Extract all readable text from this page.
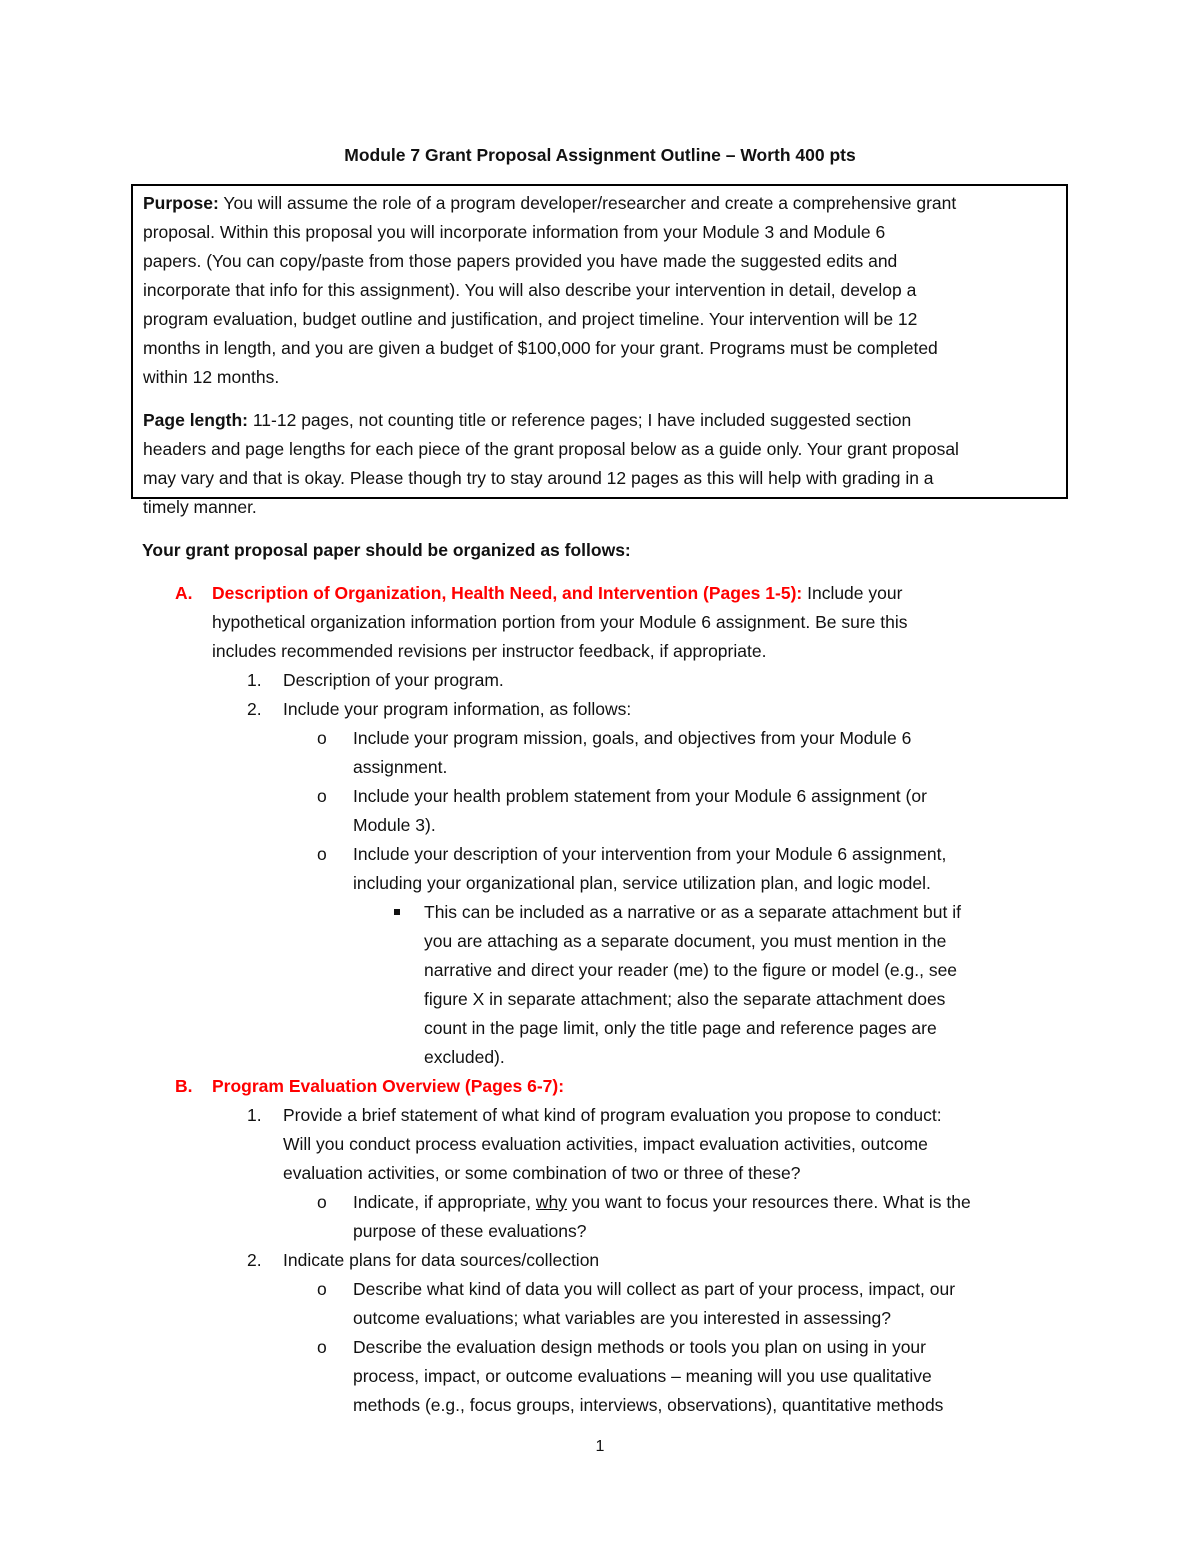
Module 7 Grant Proposal Assignment Outline – Worth 400 pts

Purpose: You will assume the role of a program developer/researcher and create a comprehensive grant
proposal. Within this proposal you will incorporate information from your Module 3 and Module 6
papers. (You can copy/paste from those papers provided you have made the suggested edits and
incorporate that info for this assignment). You will also describe your intervention in detail, develop a
program evaluation, budget outline and justification, and project timeline. Your intervention will be 12
months in length, and you are given a budget of $100,000 for your grant. Programs must be completed
within 12 months.

Page length: 11-12 pages, not counting title or reference pages; I have included suggested section
headers and page lengths for each piece of the grant proposal below as a guide only. Your grant proposal
may vary and that is okay. Please though try to stay around 12 pages as this will help with grading in a
timely manner.

Your grant proposal paper should be organized as follows:
A.	Description of Organization, Health Need, and Intervention (Pages 1-5): Include your
hypothetical organization information portion from your Module 6 assignment. Be sure this
includes recommended revisions per instructor feedback, if appropriate.
1.	Description of your program.
2.	Include your program information, as follows:
o	Include your program mission, goals, and objectives from your Module 6
assignment.
o	Include your health problem statement from your Module 6 assignment (or
Module 3).
o	Include your description of your intervention from your Module 6 assignment,
including your organizational plan, service utilization plan, and logic model.
This can be included as a narrative or as a separate attachment but if
you are attaching as a separate document, you must mention in the
narrative and direct your reader (me) to the figure or model (e.g., see
figure X in separate attachment; also the separate attachment does
count in the page limit, only the title page and reference pages are
excluded).
B.	Program Evaluation Overview (Pages 6-7):
1.	Provide a brief statement of what kind of program evaluation you propose to conduct:
Will you conduct process evaluation activities, impact evaluation activities, outcome
evaluation activities, or some combination of two or three of these?
o	Indicate, if appropriate, why you want to focus your resources there. What is the
purpose of these evaluations?
2.	Indicate plans for data sources/collection
o	Describe what kind of data you will collect as part of your process, impact, our
outcome evaluations; what variables are you interested in assessing?
o	Describe the evaluation design methods or tools you plan on using in your
process, impact, or outcome evaluations – meaning will you use qualitative
methods (e.g., focus groups, interviews, observations), quantitative methods
1
